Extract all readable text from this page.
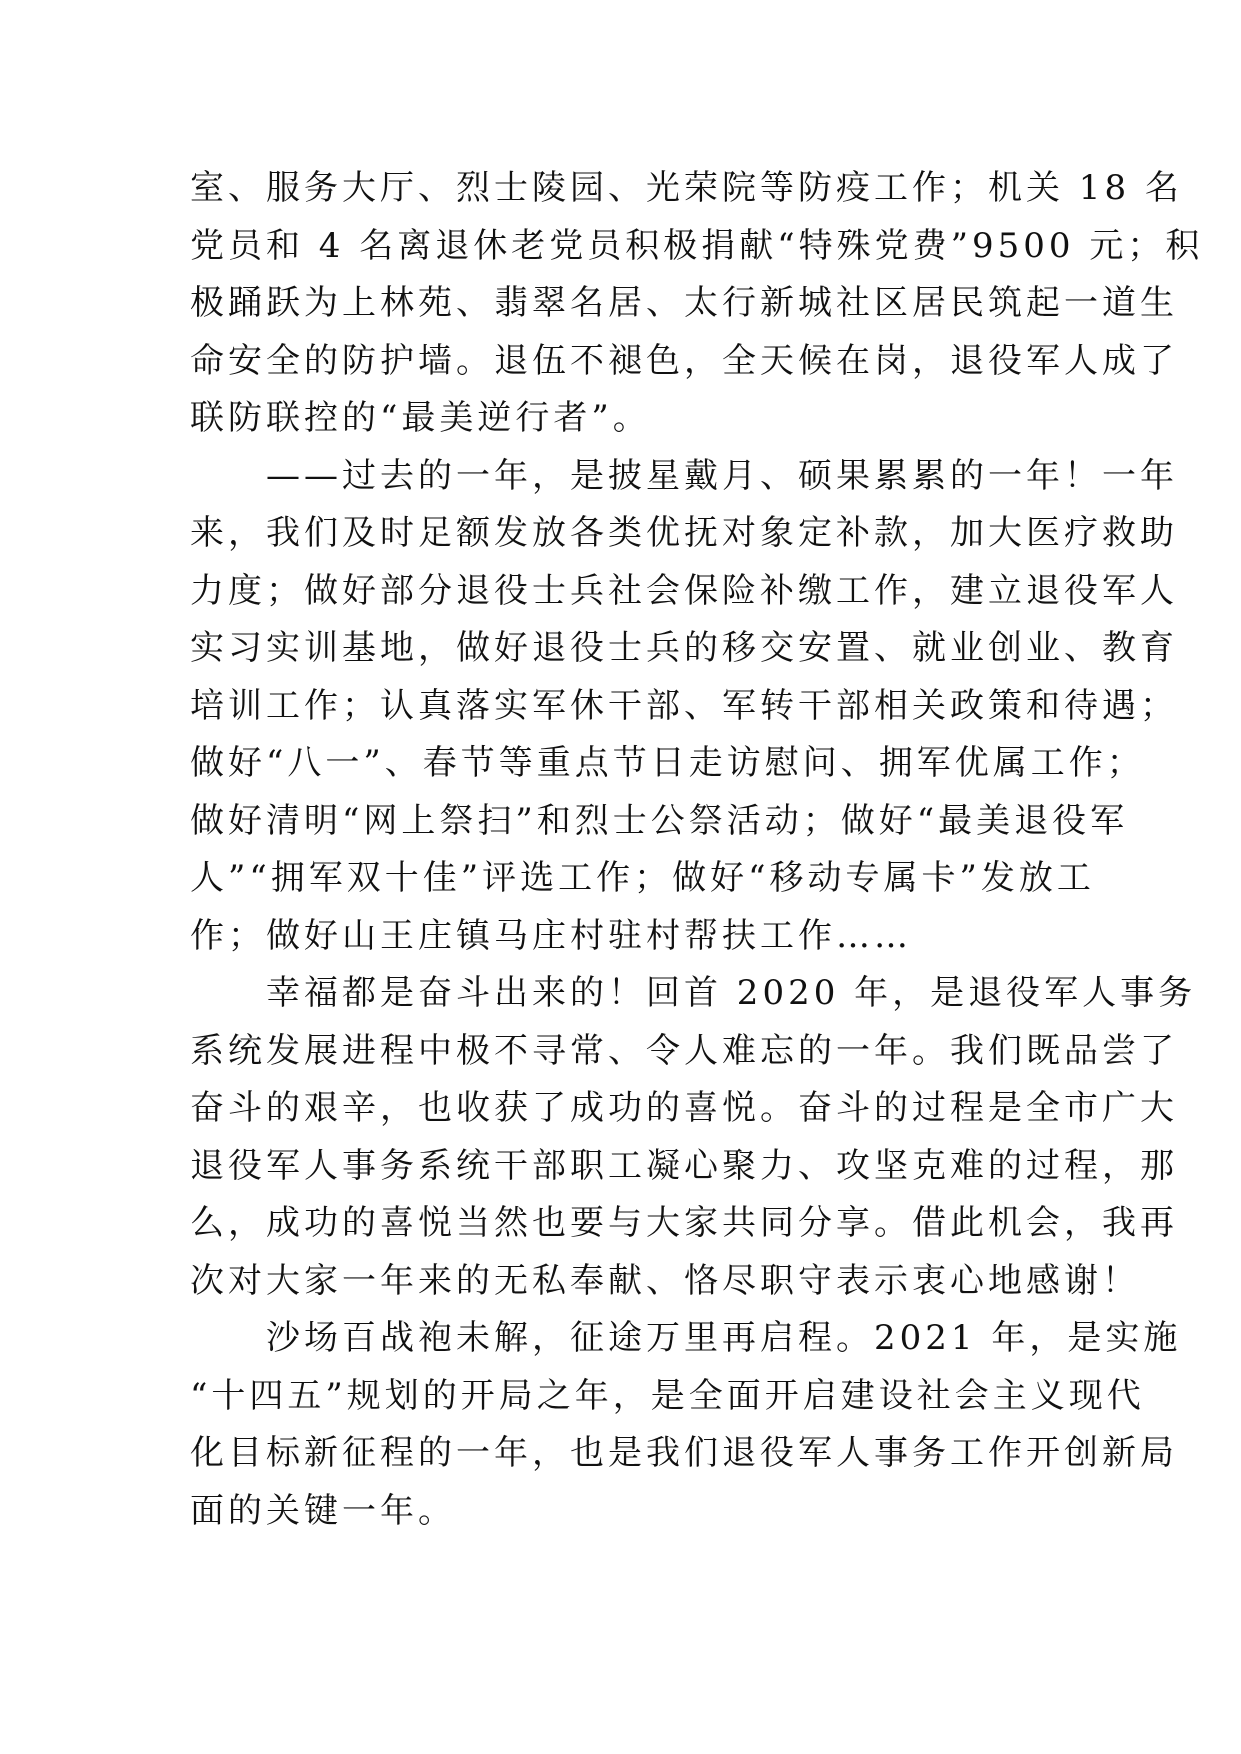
室、服务大厅、烈士陵园、光荣院等防疫工作；机关 18 名
党员和 4 名离退休老党员积极捐献“特殊党费”9500 元；积
极踊跃为上林苑、翡翠名居、太行新城社区居民筑起一道生
命安全的防护墙。退伍不褪色，全天候在岗，退役军人成了
联防联控的“最美逆行者”。
——过去的一年，是披星戴月、硕果累累的一年！一年
来，我们及时足额发放各类优抚对象定补款，加大医疗救助
力度；做好部分退役士兵社会保险补缴工作，建立退役军人
实习实训基地，做好退役士兵的移交安置、就业创业、教育
培训工作；认真落实军休干部、军转干部相关政策和待遇；
做好“八一”、春节等重点节日走访慰问、拥军优属工作；
做好清明“网上祭扫”和烈士公祭活动；做好“最美退役军
人”“拥军双十佳”评选工作；做好“移动专属卡”发放工
作；做好山王庄镇马庄村驻村帮扶工作……
幸福都是奋斗出来的！回首 2020 年，是退役军人事务
系统发展进程中极不寻常、令人难忘的一年。我们既品尝了
奋斗的艰辛，也收获了成功的喜悦。奋斗的过程是全市广大
退役军人事务系统干部职工凝心聚力、攻坚克难的过程，那
么，成功的喜悦当然也要与大家共同分享。借此机会，我再
次对大家一年来的无私奉献、恪尽职守表示衷心地感谢！
沙场百战袍未解，征途万里再启程。2021 年，是实施
“十四五”规划的开局之年，是全面开启建设社会主义现代
化目标新征程的一年，也是我们退役军人事务工作开创新局
面的关键一年。
